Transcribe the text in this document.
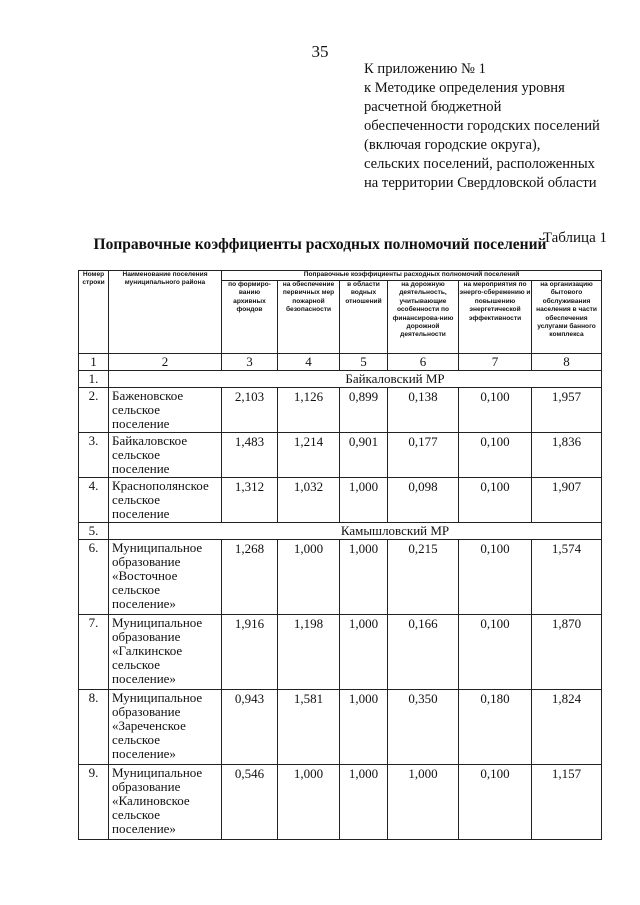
35
К приложению № 1
к Методике определения уровня
расчетной бюджетной
обеспеченности городских поселений
(включая городские округа),
сельских поселений, расположенных
на территории Свердловской области
Таблица 1
Поправочные коэффициенты расходных полномочий поселений
Номер строки	Наименование поселения муниципального района	Поправочные коэффициенты расходных полномочий поселений					
		по формиро-ванию архивных фондов	на обеспечение первичных мер пожарной безопасности	в области водных отношений	на дорожную деятельность, учитывающие особенности по финансирова-нию дорожной деятельности	на мероприятия по энерго-сбережению и повышению энергетической эффективности	на организацию бытового обслуживания населения в части обеспечения услугами банного комплекса
1	2	3	4	5	6	7	8
1.	Байкаловский МР						
2.	Баженовское сельское поселение	2,103	1,126	0,899	0,138	0,100	1,957
3.	Байкаловское сельское поселение	1,483	1,214	0,901	0,177	0,100	1,836
4.	Краснополянское сельское поселение	1,312	1,032	1,000	0,098	0,100	1,907
5.	Камышловский МР						
6.	Муниципальное образование «Восточное сельское поселение»	1,268	1,000	1,000	0,215	0,100	1,574
7.	Муниципальное образование «Галкинское сельское поселение»	1,916	1,198	1,000	0,166	0,100	1,870
8.	Муниципальное образование «Зареченское сельское поселение»	0,943	1,581	1,000	0,350	0,180	1,824
9.	Муниципальное образование «Калиновское сельское поселение»	0,546	1,000	1,000	1,000	0,100	1,157
